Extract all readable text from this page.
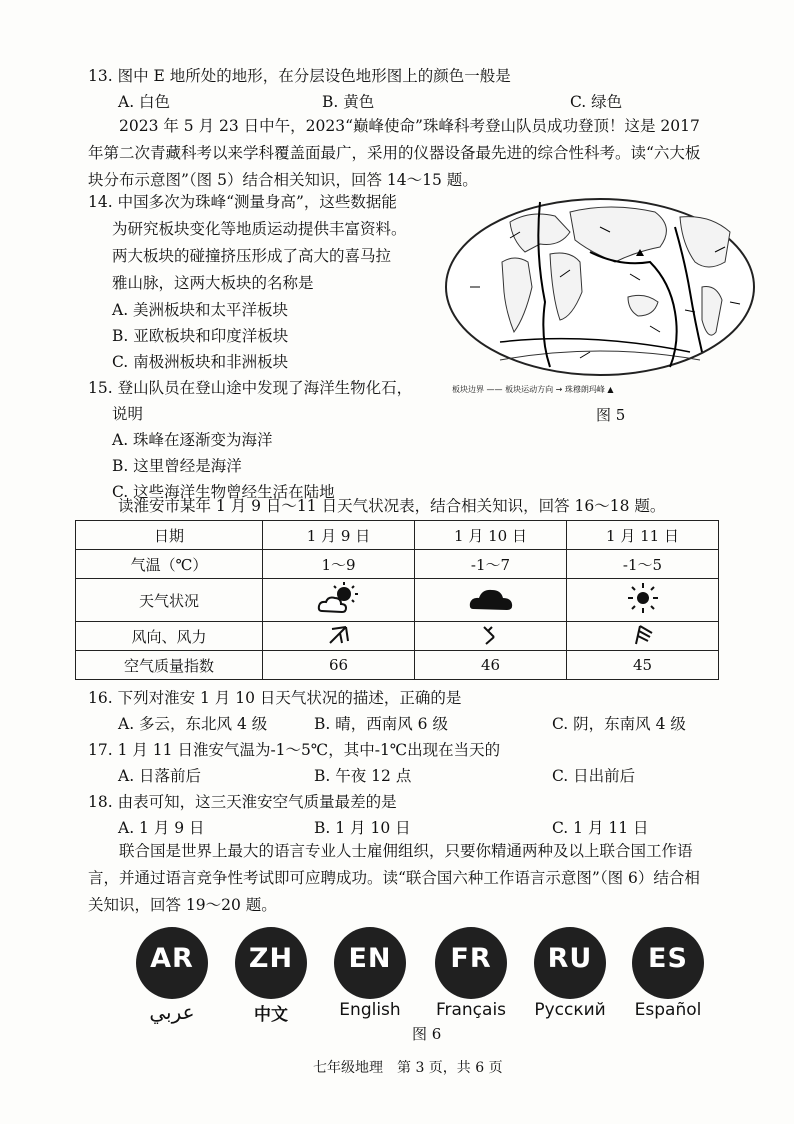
13. 图中 E 地所处的地形，在分层设色地形图上的颜色一般是
A. 白色	B. 黄色	C. 绿色
2023 年 5 月 23 日中午，2023“巅峰使命”珠峰科考登山队员成功登顶！这是 2017 年第二次青藏科考以来学科覆盖面最广，采用的仪器设备最先进的综合性科考。读“六大板块分布示意图”（图 5）结合相关知识，回答 14～15 题。
14. 中国多次为珠峰“测量身高”，这些数据能
为研究板块变化等地质运动提供丰富资料。
两大板块的碰撞挤压形成了高大的喜马拉
雅山脉，这两大板块的名称是
A. 美洲板块和太平洋板块
B. 亚欧板块和印度洋板块
C. 南极洲板块和非洲板块
15. 登山队员在登山途中发现了海洋生物化石，
说明
A. 珠峰在逐渐变为海洋
B. 这里曾经是海洋
C. 这些海洋生物曾经生活在陆地
板块边界 —— 板块运动方向 → 珠穆朗玛峰 ▲
图 5
读淮安市某年 1 月 9 日～11 日天气状况表，结合相关知识，回答 16～18 题。
日期	1 月 9 日	1 月 10 日	1 月 11 日
气温（℃）	1～9	-1～7	-1～5
天气状况			
风向、风力			
空气质量指数	66	46	45
16. 下列对淮安 1 月 10 日天气状况的描述，正确的是
A. 多云，东北风 4 级	B. 晴，西南风 6 级	C. 阴，东南风 4 级
17. 1 月 11 日淮安气温为-1～5℃，其中-1℃出现在当天的
A. 日落前后	B. 午夜 12 点	C. 日出前后
18. 由表可知，这三天淮安空气质量最差的是
A. 1 月 9 日	B. 1 月 10 日	C. 1 月 11 日
联合国是世界上最大的语言专业人士雇佣组织，只要你精通两种及以上联合国工作语言，并通过语言竞争性考试即可应聘成功。读“联合国六种工作语言示意图”（图 6）结合相关知识，回答 19～20 题。
AR
عربي
ZH
中文
EN
English
FR
Français
RU
Русский
ES
Español
图 6
七年级地理　第 3 页，共 6 页
